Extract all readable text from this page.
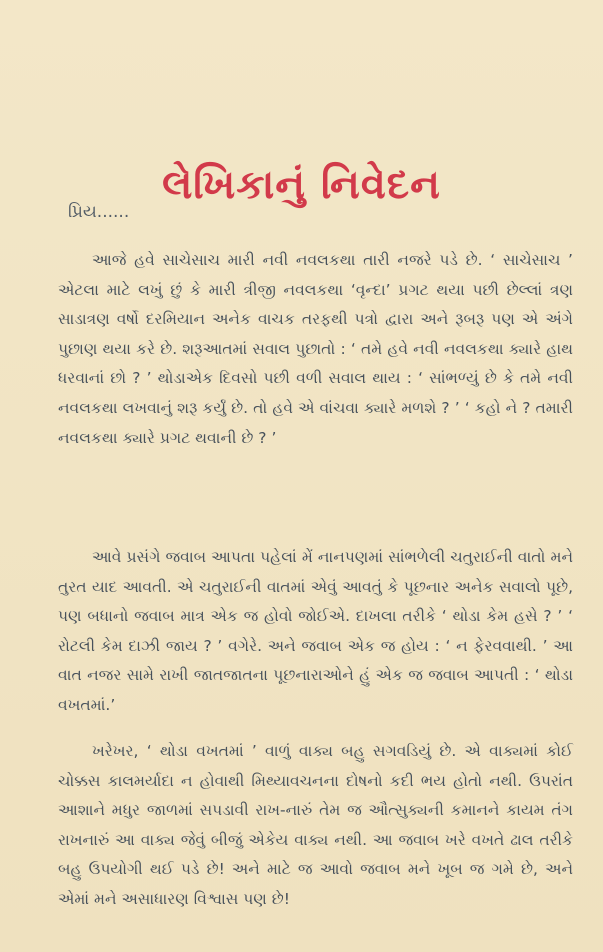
લેખિકાનું નિવેદન
પ્રિય......

આજે હવે સાચેસાચ મારી નવી નવલકથા તારી નજરે પડે છે. ‘ સાચેસાચ ’ એટલા માટે લખું છું કે મારી ત્રીજી નવલકથા ‘વૃન્દા’ પ્રગટ થયા પછી છેલ્લાં ત્રણ સાડાત્રણ વર્ષો દરમિયાન અનેક વાચક તરફથી પત્રો દ્વારા અને રૂબરૂ પણ એ અંગે પુછાણ થયા કરે છે. શરૂઆતમાં સવાલ પુછાતો : ‘ તમે હવે નવી નવલકથા ક્યારે હાથ ધરવાનાં છો ? ’ થોડાએક દિવસો પછી વળી સવાલ થાય : ‘ સાંભળ્યું છે કે તમે નવી નવલકથા લખવાનું શરૂ કર્યું છે. તો હવે એ વાંચવા ક્યારે મળશે ? ’ ‘ કહો ને ? તમારી નવલકથા ક્યારે પ્રગટ થવાની છે ? ’

આવે પ્રસંગે જવાબ આપતા પહેલાં મેં નાનપણમાં સાંભળેલી ચતુરાઈની વાતો મને તુરત યાદ આવતી. એ ચતુરાઈની વાતમાં એવું આવતું કે પૂછનાર અનેક સવાલો પૂછે, પણ બધાનો જવાબ માત્ર એક જ હોવો જોઈએ. દાખલા તરીકે ‘ થોડા કેમ હસે ? ’ ‘ રોટલી કેમ દાઝી જાય ? ’ વગેરે. અને જવાબ એક જ હોય : ‘ ન ફેરવવાથી. ’ આ વાત નજર સામે રાખી જાતજાતના પૂછનારાઓને હું એક જ જવાબ આપતી : ‘ થોડા વખતમાં.’

ખરેખર, ‘ થોડા વખતમાં ’ વાળું વાક્ય બહુ સગવડિયું છે. એ વાક્યમાં કોઈ ચોક્કસ કાલમર્યાદા ન હોવાથી મિથ્યાવચનના દોષનો કદી ભય હોતો નથી. ઉપરાંત આશાને મધુર જાળમાં સપડાવી રાખ-નારું તેમ જ ઔત્સુક્યની કમાનને કાયમ તંગ રાખનારું આ વાક્ય જેવું બીજું એકેય વાક્ય નથી. આ જવાબ ખરે વખતે ઢાલ તરીકે બહુ ઉપયોગી થઈ પડે છે! અને માટે જ આવો જવાબ મને ખૂબ જ ગમે છે, અને એમાં મને અસાધારણ વિશ્વાસ પણ છે!
